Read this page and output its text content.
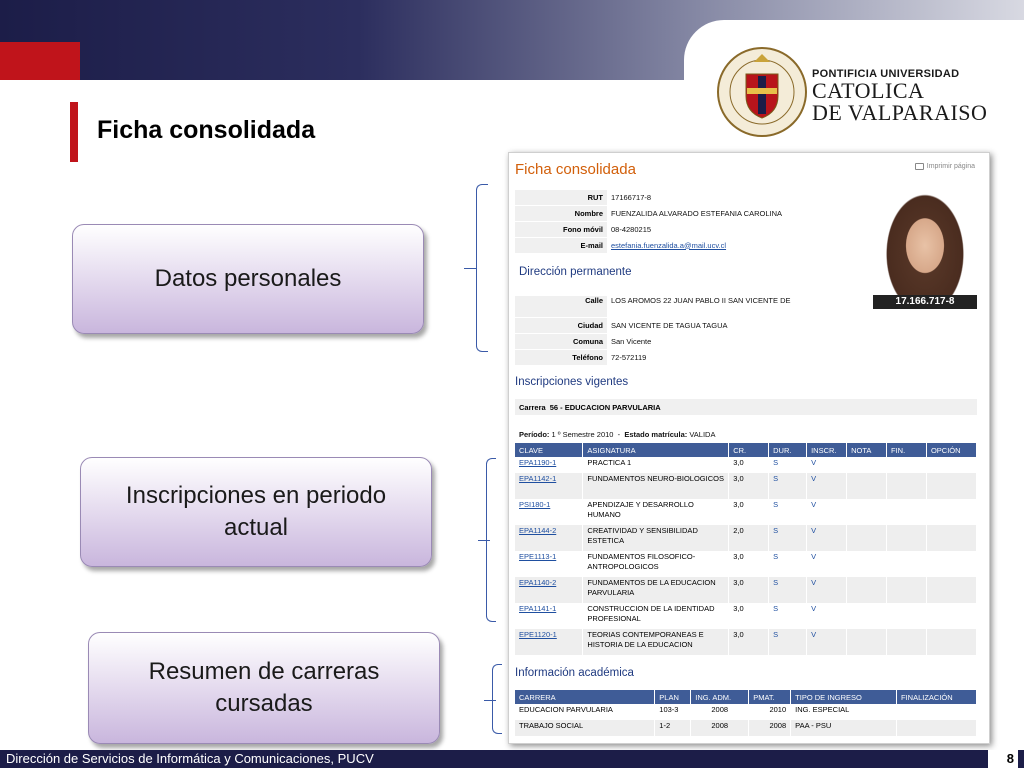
PONTIFICIA UNIVERSIDAD
CATOLICA
DE VALPARAISO
Ficha consolidada
Datos personales
Inscripciones en periodo actual
Resumen de carreras cursadas
Ficha consolidada	Imprimir página
RUT	17166717-8
Nombre	FUENZALIDA ALVARADO ESTEFANIA CAROLINA
Fono móvil	08-4280215
E-mail	estefania.fuenzalida.a@mail.ucv.cl
17.166.717-8
Dirección permanente
Calle	LOS AROMOS 22 JUAN PABLO II SAN VICENTE DE
Ciudad	SAN VICENTE DE TAGUA TAGUA
Comuna	San Vicente
Teléfono	72-572119
Inscripciones vigentes
Carrera 56 - EDUCACION PARVULARIA
Período: 1 º Semestre 2010 - Estado matrícula: VALIDA
CLAVE	ASIGNATURA	CR.	DUR.	INSCR.	NOTA	FIN.	OPCIÓN
EPA1190-1	PRACTICA 1	3,0	S	V			
EPA1142-1	FUNDAMENTOS NEURO-BIOLOGICOS	3,0	S	V			
PSI180-1	APENDIZAJE Y DESARROLLO HUMANO	3,0	S	V			
EPA1144-2	CREATIVIDAD Y SENSIBILIDAD ESTETICA	2,0	S	V			
EPE1113-1	FUNDAMENTOS FILOSOFICO-ANTROPOLOGICOS	3,0	S	V			
EPA1140-2	FUNDAMENTOS DE LA EDUCACION PARVULARIA	3,0	S	V			
EPA1141-1	CONSTRUCCION DE LA IDENTIDAD PROFESIONAL	3,0	S	V			
EPE1120-1	TEORIAS CONTEMPORANEAS E HISTORIA DE LA EDUCACION	3,0	S	V			
Información académica
CARRERA	PLAN	ING. ADM.	PMAT.	TIPO DE INGRESO	FINALIZACIÓN
EDUCACION PARVULARIA	103-3	2008	2010	ING. ESPECIAL	
TRABAJO SOCIAL	1-2	2008	2008	PAA - PSU	
Dirección de Servicios de Informática y Comunicaciones, PUCV	8
